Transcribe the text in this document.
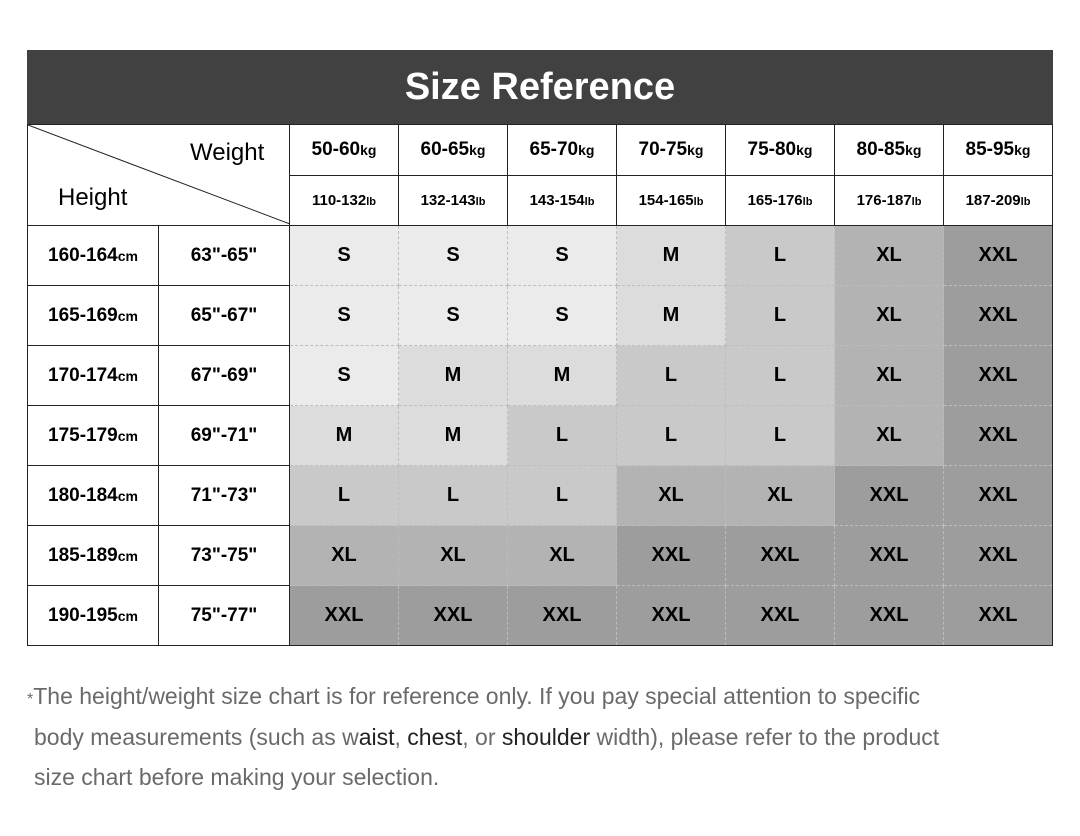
Size Reference
Weight
Height		50-60kg	60-65kg	65-70kg	70-75kg	75-80kg	80-85kg	85-95kg
		110-132lb	132-143lb	143-154lb	154-165lb	165-176lb	176-187lb	187-209lb
160-164cm	63"-65"	S	S	S	M	L	XL	XXL
165-169cm	65"-67"	S	S	S	M	L	XL	XXL
170-174cm	67"-69"	S	M	M	L	L	XL	XXL
175-179cm	69"-71"	M	M	L	L	L	XL	XXL
180-184cm	71"-73"	L	L	L	XL	XL	XXL	XXL
185-189cm	73"-75"	XL	XL	XL	XXL	XXL	XXL	XXL
190-195cm	75"-77"	XXL	XXL	XXL	XXL	XXL	XXL	XXL
*The height/weight size chart is for reference only. If you pay special attention to specific
body measurements (such as waist, chest, or shoulder width), please refer to the product
size chart before making your selection.
